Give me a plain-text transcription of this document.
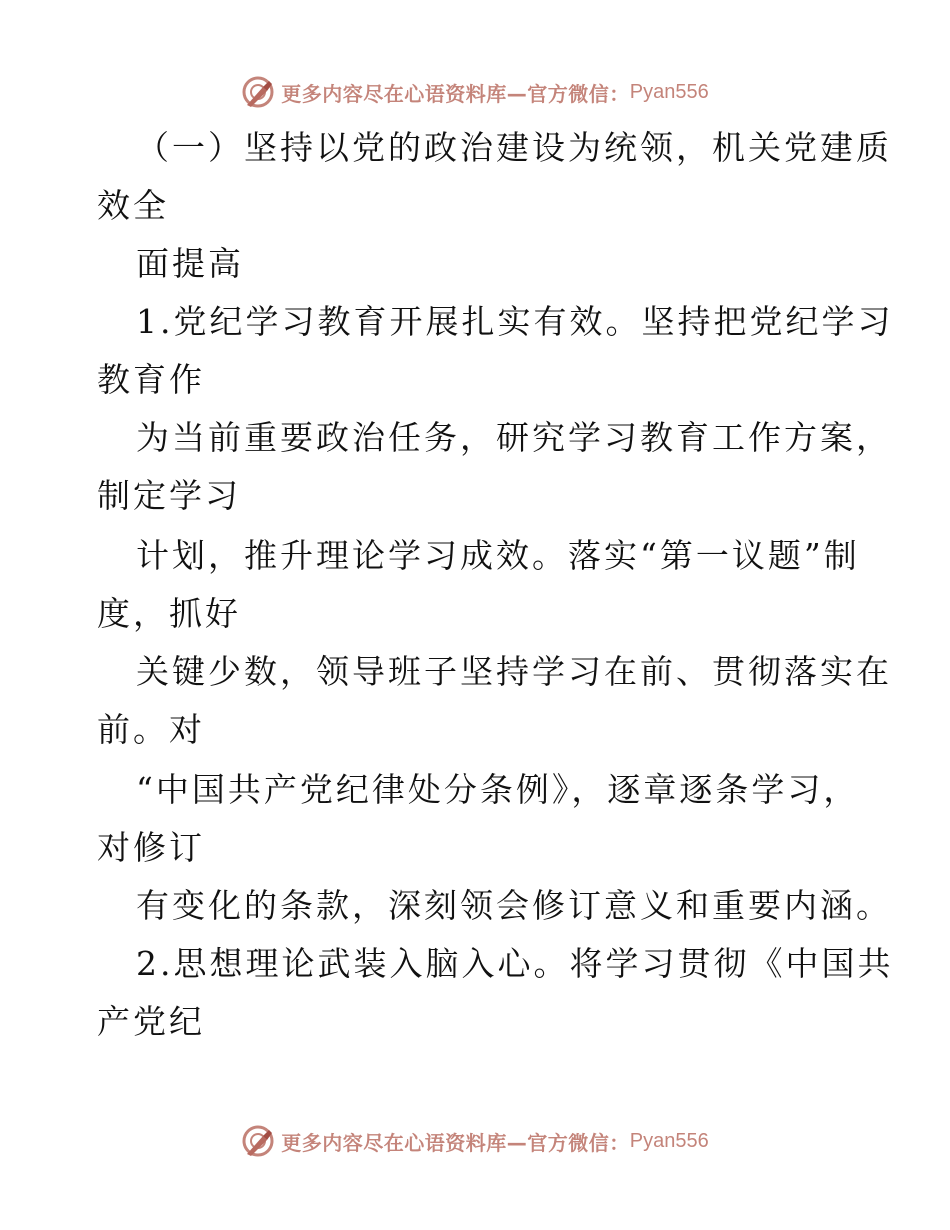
更多内容尽在心语资料库—官方微信： Pyan556
（一）坚持以党的政治建设为统领，机关党建质
效全
面提高
1.党纪学习教育开展扎实有效。坚持把党纪学习
教育作
为当前重要政治任务，研究学习教育工作方案，
制定学习
计划，推升理论学习成效。落实“第一议题”制
度，抓好
关键少数，领导班子坚持学习在前、贯彻落实在
前。对
“中国共产党纪律处分条例》，逐章逐条学习，
对修订
有变化的条款，深刻领会修订意义和重要内涵。
2.思想理论武装入脑入心。将学习贯彻《中国共
产党纪
更多内容尽在心语资料库—官方微信： Pyan556
